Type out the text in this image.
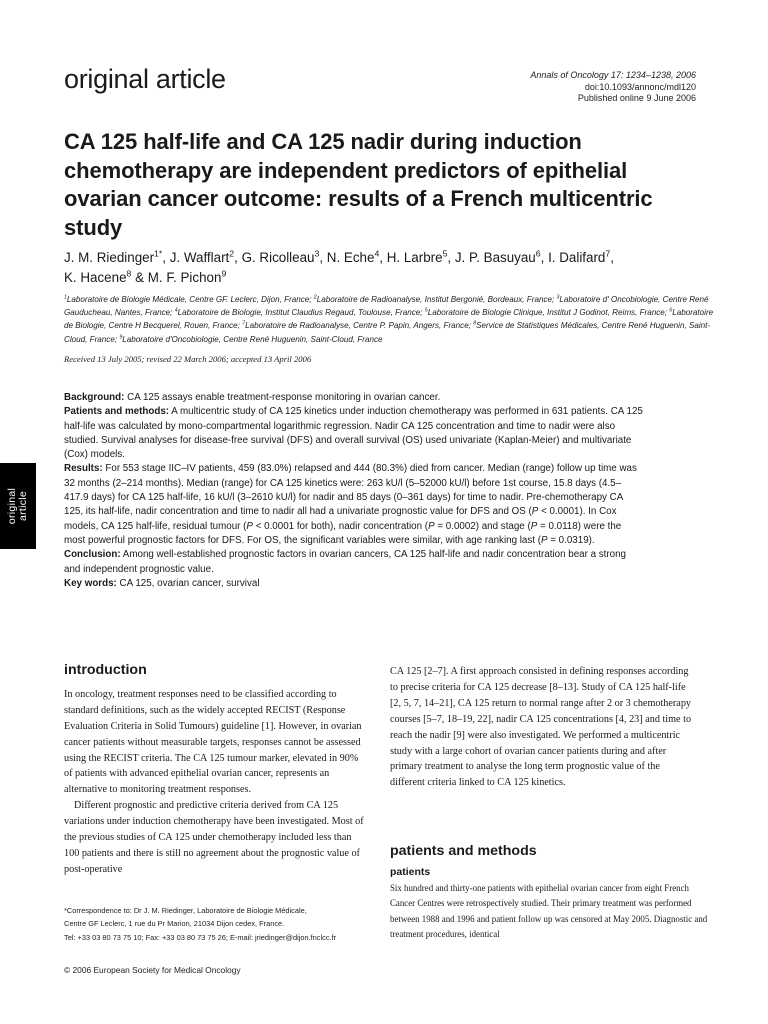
original article	Annals of Oncology 17: 1234–1238, 2006
doi:10.1093/annonc/mdl120
Published online 9 June 2006
CA 125 half-life and CA 125 nadir during induction chemotherapy are independent predictors of epithelial ovarian cancer outcome: results of a French multicentric study
J. M. Riedinger$^{1*}$, J. Wafflart$^2$, G. Ricolleau$^3$, N. Eche$^4$, H. Larbre$^5$, J. P. Basuyau$^6$, I. Dalifard$^7$,
K. Hacene$^8$ & M. F. Pichon$^9$
$^1$Laboratoire de Biologie Médicale, Centre GF. Leclerc, Dijon, France; $^2$Laboratoire de Radioanalyse, Institut Bergonié, Bordeaux, France; $^3$Laboratoire d' Oncobiologie, Centre René Gauducheau, Nantes, France; $^4$Laboratoire de Biologie, Institut Claudius Regaud, Toulouse, France; $^5$Laboratoire de Biologie Clinique, Institut J Godinot, Reims, France; $^6$Laboratoire de Biologie, Centre H Becquerel, Rouen, France; $^7$Laboratoire de Radioanalyse, Centre P. Papin, Angers, France; $^8$Service de Statistiques Médicales, Centre René Huguenin, Saint-Cloud, France; $^9$Laboratoire d'Oncobiologie, Centre René Huguenin, Saint-Cloud, France
Received 13 July 2005; revised 22 March 2006; accepted 13 April 2006

Background: CA 125 assays enable treatment-response monitoring in ovarian cancer.

Patients and methods: A multicentric study of CA 125 kinetics under induction chemotherapy was performed in 631 patients. CA 125 half-life was calculated by mono-compartmental logarithmic regression. Nadir CA 125 concentration and time to nadir were also studied. Survival analyses for disease-free survival (DFS) and overall survival (OS) used univariate (Kaplan-Meier) and multivariate (Cox) models.

Results: For 553 stage IIC–IV patients, 459 (83.0%) relapsed and 444 (80.3%) died from cancer. Median (range) follow up time was 32 months (2–214 months). Median (range) for CA 125 kinetics were: 263 kU/l (5–52000 kU/l) before 1st course, 15.8 days (4.5–417.9 days) for CA 125 half-life, 16 kU/l (3–2610 kU/l) for nadir and 85 days (0–361 days) for time to nadir. Pre-chemotherapy CA 125, its half-life, nadir concentration and time to nadir all had a univariate prognostic value for DFS and OS (P < 0.0001). In Cox models, CA 125 half-life, residual tumour (P < 0.0001 for both), nadir concentration (P = 0.0002) and stage (P = 0.0118) were the most powerful prognostic factors for DFS. For OS, the significant variables were similar, with age ranking last (P = 0.0319).

Conclusion: Among well-established prognostic factors in ovarian cancers, CA 125 half-life and nadir concentration bear a strong and independent prognostic value.

Key words: CA 125, ovarian cancer, survival

original article
introduction

In oncology, treatment responses need to be classified according to standard definitions, such as the widely accepted RECIST (Response Evaluation Criteria in Solid Tumours) guideline [1]. However, in ovarian cancer patients without measurable targets, responses cannot be assessed using the RECIST criteria. The CA 125 tumour marker, elevated in 90% of patients with advanced epithelial ovarian cancer, represents an alternative to monitoring treatment responses.

Different prognostic and predictive criteria derived from CA 125 variations under induction chemotherapy have been investigated. Most of the previous studies of CA 125 under chemotherapy included less than 100 patients and there is still no agreement about the prognostic value of post-operative

CA 125 [2–7]. A first approach consisted in defining responses according to precise criteria for CA 125 decrease [8–13]. Study of CA 125 half-life [2, 5, 7, 14–21], CA 125 return to normal range after 2 or 3 chemotherapy courses [5–7, 18–19, 22], nadir CA 125 concentrations [4, 23] and time to reach the nadir [9] were also investigated. We performed a multicentric study with a large cohort of ovarian cancer patients during and after primary treatment to analyse the long term prognostic value of the different criteria linked to CA 125 kinetics.

patients and methods
patients

Six hundred and thirty-one patients with epithelial ovarian cancer from eight French Cancer Centres were retrospectively studied. Their primary treatment was performed between 1988 and 1996 and patient follow up was censored at May 2005. Diagnostic and treatment procedures, identical

*Correspondence to: Dr J. M. Riedinger, Laboratoire de Biologie Médicale,
Centre GF Leclerc, 1 rue du Pr Marion, 21034 Dijon cedex, France.
Tel: +33 03 80 73 75 10; Fax: +33 03 80 73 75 26; E-mail: jriedinger@dijon.fnclcc.fr
© 2006 European Society for Medical Oncology
